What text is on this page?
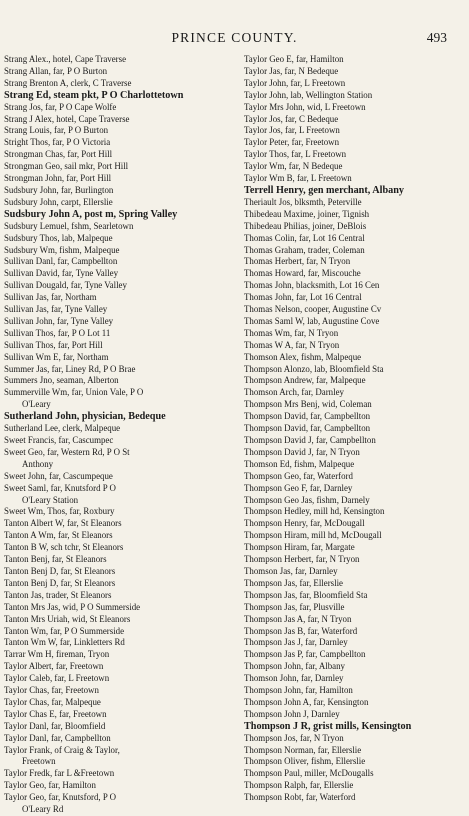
PRINCE COUNTY.	493
Strang Alex., hotel, Cape Traverse
Strang Allan, far, P O Burton
Strang Brenton A, clerk, C Traverse
Strang Ed, steam pkt, P O Charlottetown
Strang Jos, far, P O Cape Wolfe
Strang J Alex, hotel, Cape Traverse
Strang Louis, far, P O Burton
Stright Thos, far, P O Victoria
Strongman Chas, far, Port Hill
Strongman Geo, sail mkr, Port Hill
Strongman John, far, Port Hill
Sudsbury John, far, Burlington
Sudsbury John, carpt, Ellerslie
Sudsbury John A, post m, Spring Valley
Sudsbury Lemuel, fshm, Searletown
Sudsbury Thos, lab, Malpeque
Sudsbury Wm, fishm, Malpeque
Sullivan Danl, far, Campbellton
Sullivan David, far, Tyne Valley
Sullivan Dougald, far, Tyne Valley
Sullivan Jas, far, Northam
Sullivan Jas, far, Tyne Valley
Sullivan John, far, Tyne Valley
Sullivan Thos, far, P O Lot 11
Sullivan Thos, far, Port Hill
Sullivan Wm E, far, Northam
Summer Jas, far, Liney Rd, P O Brae
Summers Jno, seaman, Alberton
Summerville Wm, far, Union Vale, P O
O'Leary
Sutherland John, physician, Bedeque
Sutherland Lee, clerk, Malpeque
Sweet Francis, far, Cascumpec
Sweet Geo, far, Western Rd, P O St
Anthony
Sweet John, far, Cascumpeque
Sweet Saml, far, Knutsford P O
O'Leary Station
Sweet Wm, Thos, far, Roxbury
Tanton Albert W, far, St Eleanors
Tanton A Wm, far, St Eleanors
Tanton B W, sch tchr, St Eleanors
Tanton Benj, far, St Eleanors
Tanton Benj D, far, St Eleanors
Tanton Benj D, far, St Eleanors
Tanton Jas, trader, St Eleanors
Tanton Mrs Jas, wid, P O Summerside
Tanton Mrs Uriah, wid, St Eleanors
Tanton Wm, far, P O Summerside
Tanton Wm W, far, Linkletters Rd
Tarrar Wm H, fireman, Tryon
Taylor Albert, far, Freetown
Taylor Caleb, far, L Freetown
Taylor Chas, far, Freetown
Taylor Chas, far, Malpeque
Taylor Chas E, far, Freetown
Taylor Danl, far, Bloomfield
Taylor Danl, far, Campbellton
Taylor Frank, of Craig & Taylor,
Freetown
Taylor Fredk, far L &Freetown
Taylor Geo, far, Hamilton
Taylor Geo, far, Knutsford, P O
O'Leary Rd
Taylor Geo E, far, Hamilton
Taylor Jas, far, N Bedeque
Taylor John, far, L Freetown
Taylor John, lab, Wellington Station
Taylor Mrs John, wid, L Freetown
Taylor Jos, far, C Bedeque
Taylor Jos, far, L Freetown
Taylor Peter, far, Freetown
Taylor Thos, far, L Freetown
Taylor Wm, far, N Bedeque
Taylor Wm B, far, L Freetown
Terrell Henry, gen merchant, Albany
Theriault Jos, blksmth, Peterville
Thibedeau Maxime, joiner, Tignish
Thibedeau Philias, joiner, DeBlois
Thomas Colin, far, Lot 16 Central
Thomas Graham, trader, Coleman
Thomas Herbert, far, N Tryon
Thomas Howard, far, Miscouche
Thomas John, blacksmith, Lot 16 Cen
Thomas John, far, Lot 16 Central
Thomas Nelson, cooper, Augustine Cv
Thomas Saml W, lab, Augustine Cove
Thomas Wm, far, N Tryon
Thomas W A, far, N Tryon
Thomson Alex, fishm, Malpeque
Thompson Alonzo, lab, Bloomfield Sta
Thompson Andrew, far, Malpeque
Thomson Arch, far, Darnley
Thompson Mrs Benj, wid, Coleman
Thompson David, far, Campbellton
Thompson David, far, Campbellton
Thompson David J, far, Campbellton
Thompson David J, far, N Tryon
Thomson Ed, fishm, Malpeque
Thompson Geo, far, Waterford
Thompson Geo F, far, Darnley
Thompson Geo Jas, fishm, Darnely
Thompson Hedley, mill hd, Kensington
Thompson Henry, far, McDougall
Thompson Hiram, mill hd, McDougall
Thompson Hiram, far, Margate
Thompson Herbert, far, N Tryon
Thomson Jas, far, Darnley
Thompson Jas, far, Ellerslie
Thompson Jas, far, Bloomfield Sta
Thompson Jas, far, Plusville
Thompson Jas A, far, N Tryon
Thompson Jas B, far, Waterford
Thompson Jas J, far, Darnley
Thompson Jas P, far, Campbellton
Thompson John, far, Albany
Thomson John, far, Darnley
Thompson John, far, Hamilton
Thompson John A, far, Kensington
Thompson John J, Darnley
Thompson J R, grist mills, Kensington
Thompson Jos, far, N Tryon
Thompson Norman, far, Ellerslie
Thompson Oliver, fishm, Ellerslie
Thompson Paul, miller, McDougalls
Thompson Ralph, far, Ellerslie
Thompson Robt, far, Waterford
